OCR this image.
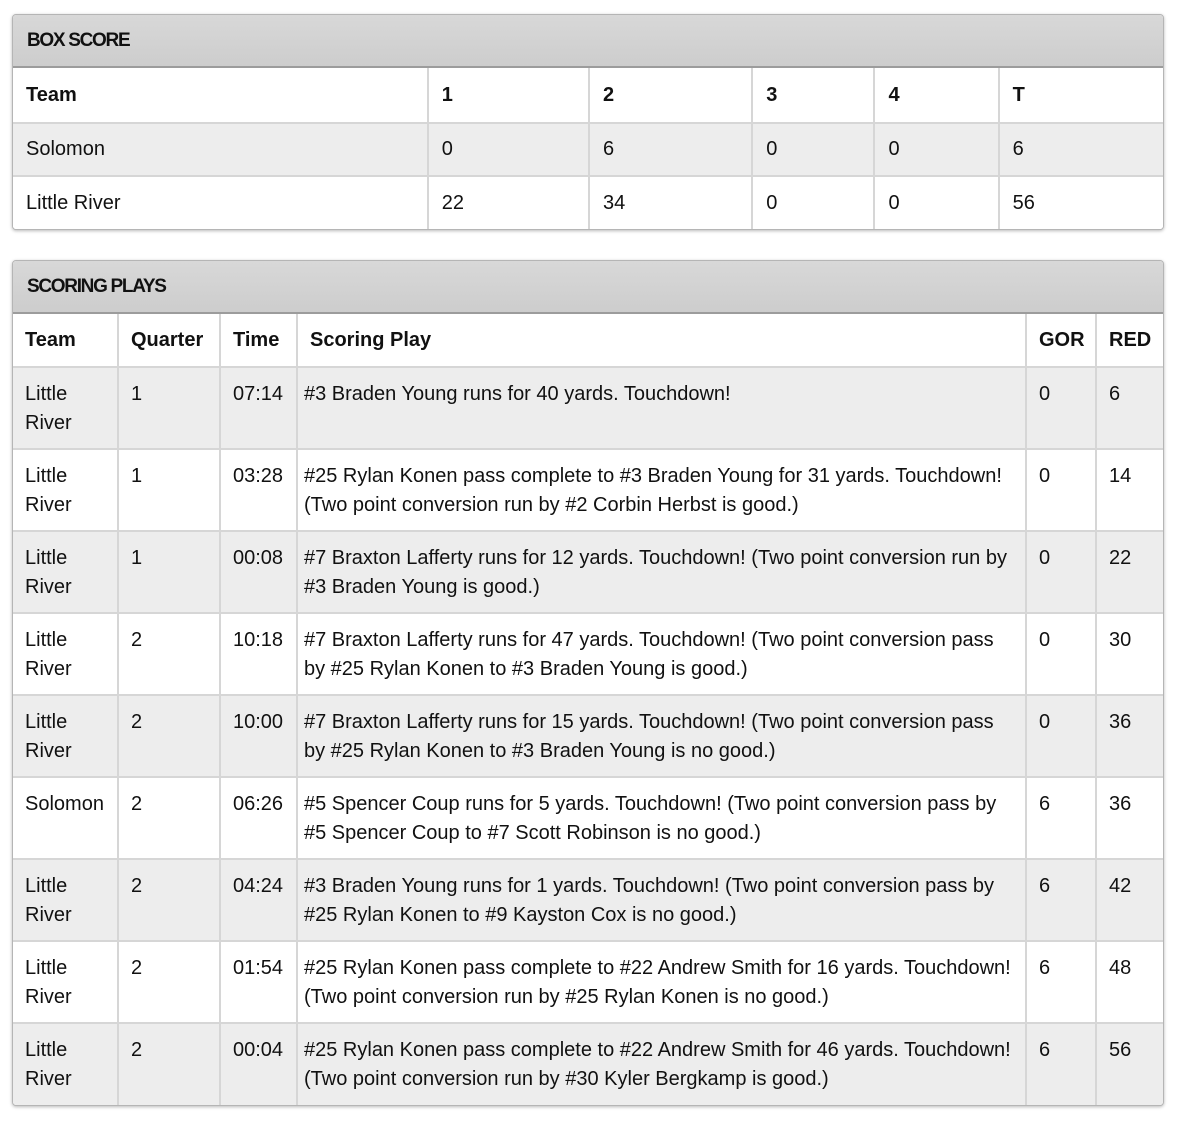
BOX SCORE
Team	1	2	3	4	T
Solomon	0	6	0	0	6
Little River	22	34	0	0	56
SCORING PLAYS
Team	Quarter	Time	Scoring Play	GOR	RED
Little River	1	07:14	#3 Braden Young runs for 40 yards. Touchdown!	0	6
Little River	1	03:28	#25 Rylan Konen pass complete to #3 Braden Young for 31 yards. Touchdown! (Two point conversion run by #2 Corbin Herbst is good.)	0	14
Little River	1	00:08	#7 Braxton Lafferty runs for 12 yards. Touchdown! (Two point conversion run by #3 Braden Young is good.)	0	22
Little River	2	10:18	#7 Braxton Lafferty runs for 47 yards. Touchdown! (Two point conversion pass by #25 Rylan Konen to #3 Braden Young is good.)	0	30
Little River	2	10:00	#7 Braxton Lafferty runs for 15 yards. Touchdown! (Two point conversion pass by #25 Rylan Konen to #3 Braden Young is no good.)	0	36
Solomon	2	06:26	#5 Spencer Coup runs for 5 yards. Touchdown! (Two point conversion pass by #5 Spencer Coup to #7 Scott Robinson is no good.)	6	36
Little River	2	04:24	#3 Braden Young runs for 1 yards. Touchdown! (Two point conversion pass by #25 Rylan Konen to #9 Kayston Cox is no good.)	6	42
Little River	2	01:54	#25 Rylan Konen pass complete to #22 Andrew Smith for 16 yards. Touchdown! (Two point conversion run by #25 Rylan Konen is no good.)	6	48
Little River	2	00:04	#25 Rylan Konen pass complete to #22 Andrew Smith for 46 yards. Touchdown! (Two point conversion run by #30 Kyler Bergkamp is good.)	6	56
